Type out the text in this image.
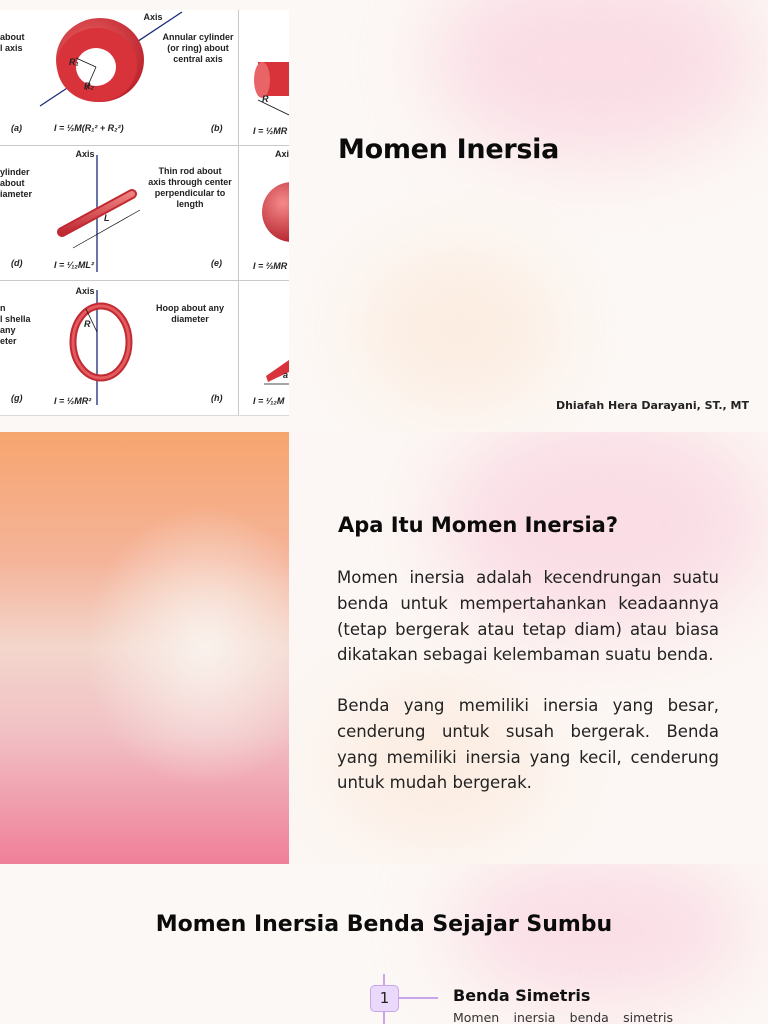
Axis
about
l axis
Annular cylinder
(or ring) about
central axis
R₁
R₂
R
(a)	I = ½M(R₁² + R₂²)	(b)	I = ½MR
Axis	Axi
ylinder
about
iameter
Thin rod about
axis through center
perpendicular to
length
L
(d)	I = ¹⁄₁₂ML²	(e)	I = ⅔MR
Axis
n
l shella
any
eter
Hoop about any
diameter
R
a
(g)	I = ½MR²	(h)	I = ¹⁄₁₂M
Momen Inersia
Dhiafah Hera Darayani, ST., MT
Apa Itu Momen Inersia?

Momen inersia adalah kecendrungan suatu benda untuk mempertahankan keadaannya (tetap bergerak atau tetap diam) atau biasa dikatakan sebagai kelembaman suatu benda.

Benda yang memiliki inersia yang besar, cenderung untuk susah bergerak. Benda yang memiliki inersia yang kecil, cenderung untuk mudah bergerak.

Momen Inersia Benda Sejajar Sumbu
1	Benda Simetris
Momen inersia benda simetris
